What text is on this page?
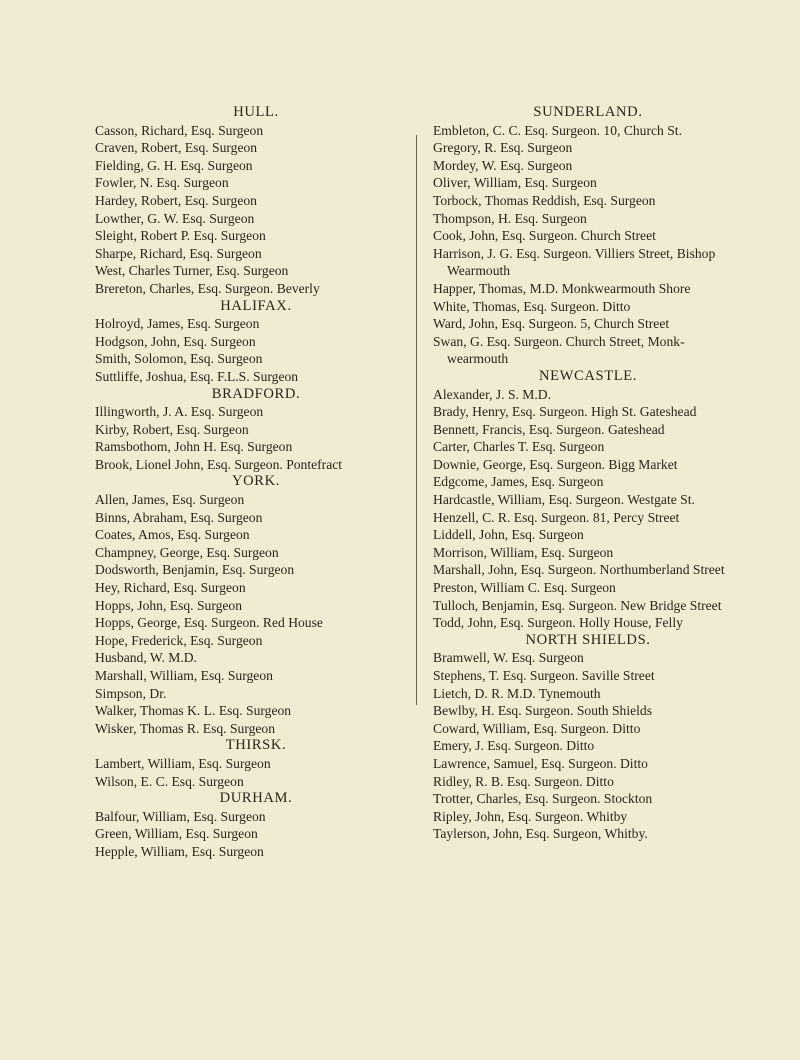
HULL.

Casson, Richard, Esq. Surgeon

Craven, Robert, Esq. Surgeon

Fielding, G. H. Esq. Surgeon

Fowler, N. Esq. Surgeon

Hardey, Robert, Esq. Surgeon

Lowther, G. W. Esq. Surgeon

Sleight, Robert P. Esq. Surgeon

Sharpe, Richard, Esq. Surgeon

West, Charles Turner, Esq. Surgeon

Brereton, Charles, Esq. Surgeon. Beverly

HALIFAX.

Holroyd, James, Esq. Surgeon

Hodgson, John, Esq. Surgeon

Smith, Solomon, Esq. Surgeon

Suttliffe, Joshua, Esq. F.L.S. Surgeon

BRADFORD.

Illingworth, J. A. Esq. Surgeon

Kirby, Robert, Esq. Surgeon

Ramsbothom, John H. Esq. Surgeon

Brook, Lionel John, Esq. Surgeon. Pontefract

YORK.

Allen, James, Esq. Surgeon

Binns, Abraham, Esq. Surgeon

Coates, Amos, Esq. Surgeon

Champney, George, Esq. Surgeon

Dodsworth, Benjamin, Esq. Surgeon

Hey, Richard, Esq. Surgeon

Hopps, John, Esq. Surgeon

Hopps, George, Esq. Surgeon. Red House

Hope, Frederick, Esq. Surgeon

Husband, W. M.D.

Marshall, William, Esq. Surgeon

Simpson, Dr.

Walker, Thomas K. L. Esq. Surgeon

Wisker, Thomas R. Esq. Surgeon

THIRSK.

Lambert, William, Esq. Surgeon

Wilson, E. C. Esq. Surgeon

DURHAM.

Balfour, William, Esq. Surgeon

Green, William, Esq. Surgeon

Hepple, William, Esq. Surgeon

SUNDERLAND.

Embleton, C. C. Esq. Surgeon. 10, Church St.

Gregory, R. Esq. Surgeon

Mordey, W. Esq. Surgeon

Oliver, William, Esq. Surgeon

Torbock, Thomas Reddish, Esq. Surgeon

Thompson, H. Esq. Surgeon

Cook, John, Esq. Surgeon. Church Street

Harrison, J. G. Esq. Surgeon. Villiers Street, Bishop Wearmouth

Happer, Thomas, M.D. Monkwearmouth Shore

White, Thomas, Esq. Surgeon. Ditto

Ward, John, Esq. Surgeon. 5, Church Street

Swan, G. Esq. Surgeon. Church Street, Monk-wearmouth

NEWCASTLE.

Alexander, J. S. M.D.

Brady, Henry, Esq. Surgeon. High St. Gateshead

Bennett, Francis, Esq. Surgeon. Gateshead

Carter, Charles T. Esq. Surgeon

Downie, George, Esq. Surgeon. Bigg Market

Edgcome, James, Esq. Surgeon

Hardcastle, William, Esq. Surgeon. Westgate St.

Henzell, C. R. Esq. Surgeon. 81, Percy Street

Liddell, John, Esq. Surgeon

Morrison, William, Esq. Surgeon

Marshall, John, Esq. Surgeon. Northumberland Street

Preston, William C. Esq. Surgeon

Tulloch, Benjamin, Esq. Surgeon. New Bridge Street

Todd, John, Esq. Surgeon. Holly House, Felly

NORTH SHIELDS.

Bramwell, W. Esq. Surgeon

Stephens, T. Esq. Surgeon. Saville Street

Lietch, D. R. M.D. Tynemouth

Bewlby, H. Esq. Surgeon. South Shields

Coward, William, Esq. Surgeon. Ditto

Emery, J. Esq. Surgeon. Ditto

Lawrence, Samuel, Esq. Surgeon. Ditto

Ridley, R. B. Esq. Surgeon. Ditto

Trotter, Charles, Esq. Surgeon. Stockton

Ripley, John, Esq. Surgeon. Whitby

Taylerson, John, Esq. Surgeon, Whitby.
